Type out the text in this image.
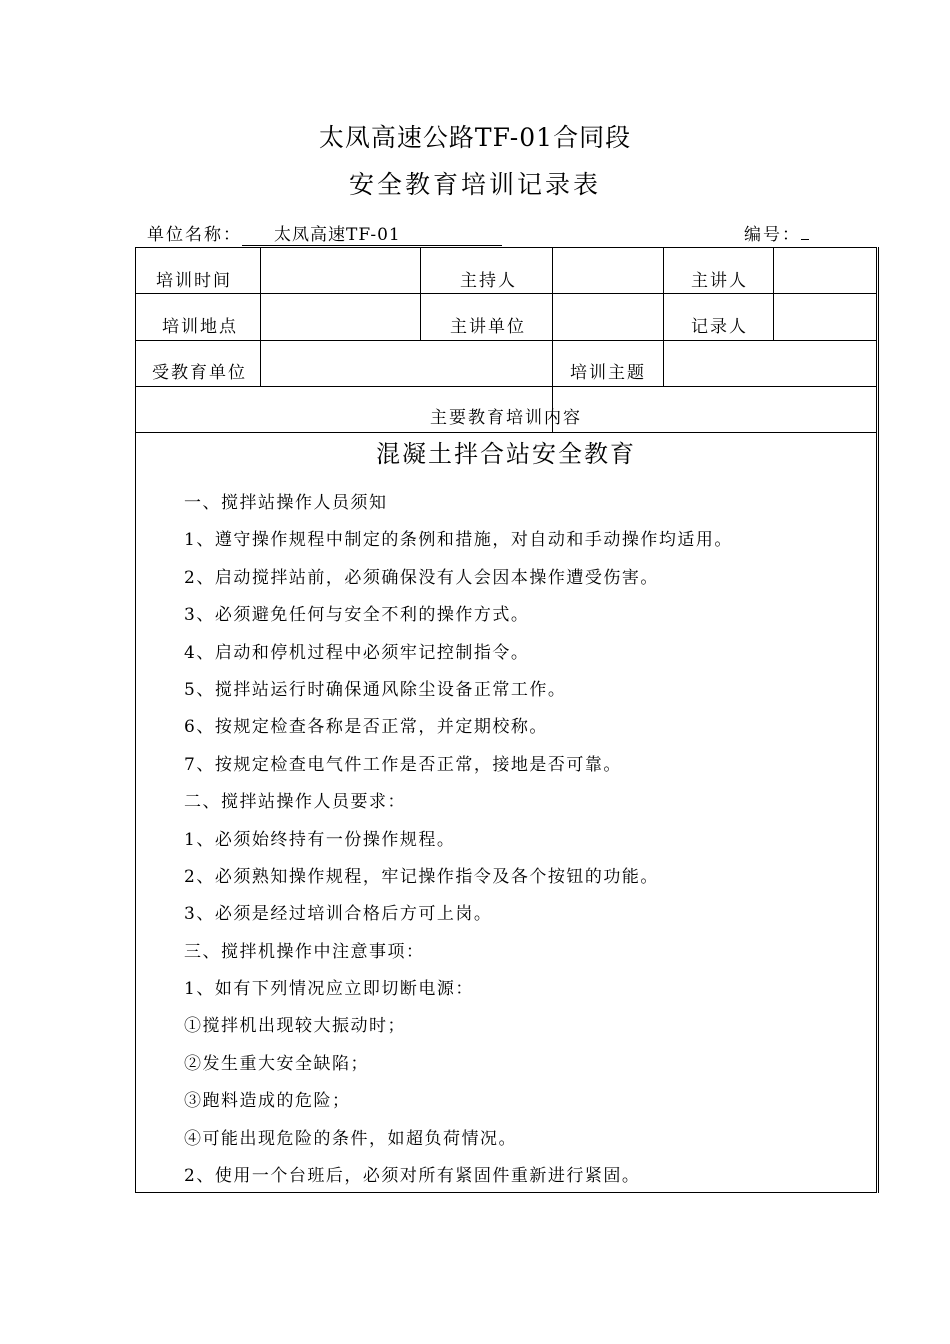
太凤高速公路TF-01合同段
安全教育培训记录表
单位名称： 太凤高速TF-01	编号：
培训时间	主持人	主讲人
培训地点	主讲单位	记录人
受教育单位	培训主题
主要教育培训内容
混凝土拌合站安全教育
一、搅拌站操作人员须知
1、遵守操作规程中制定的条例和措施，对自动和手动操作均适用。
2、启动搅拌站前，必须确保没有人会因本操作遭受伤害。
3、必须避免任何与安全不利的操作方式。
4、启动和停机过程中必须牢记控制指令。
5、搅拌站运行时确保通风除尘设备正常工作。
6、按规定检查各称是否正常，并定期校称。
7、按规定检查电气件工作是否正常，接地是否可靠。
二、搅拌站操作人员要求：
1、必须始终持有一份操作规程。
2、必须熟知操作规程，牢记操作指令及各个按钮的功能。
3、必须是经过培训合格后方可上岗。
三、搅拌机操作中注意事项：
1、如有下列情况应立即切断电源：
①搅拌机出现较大振动时；
②发生重大安全缺陷；
③跑料造成的危险；
④可能出现危险的条件，如超负荷情况。
2、使用一个台班后，必须对所有紧固件重新进行紧固。
